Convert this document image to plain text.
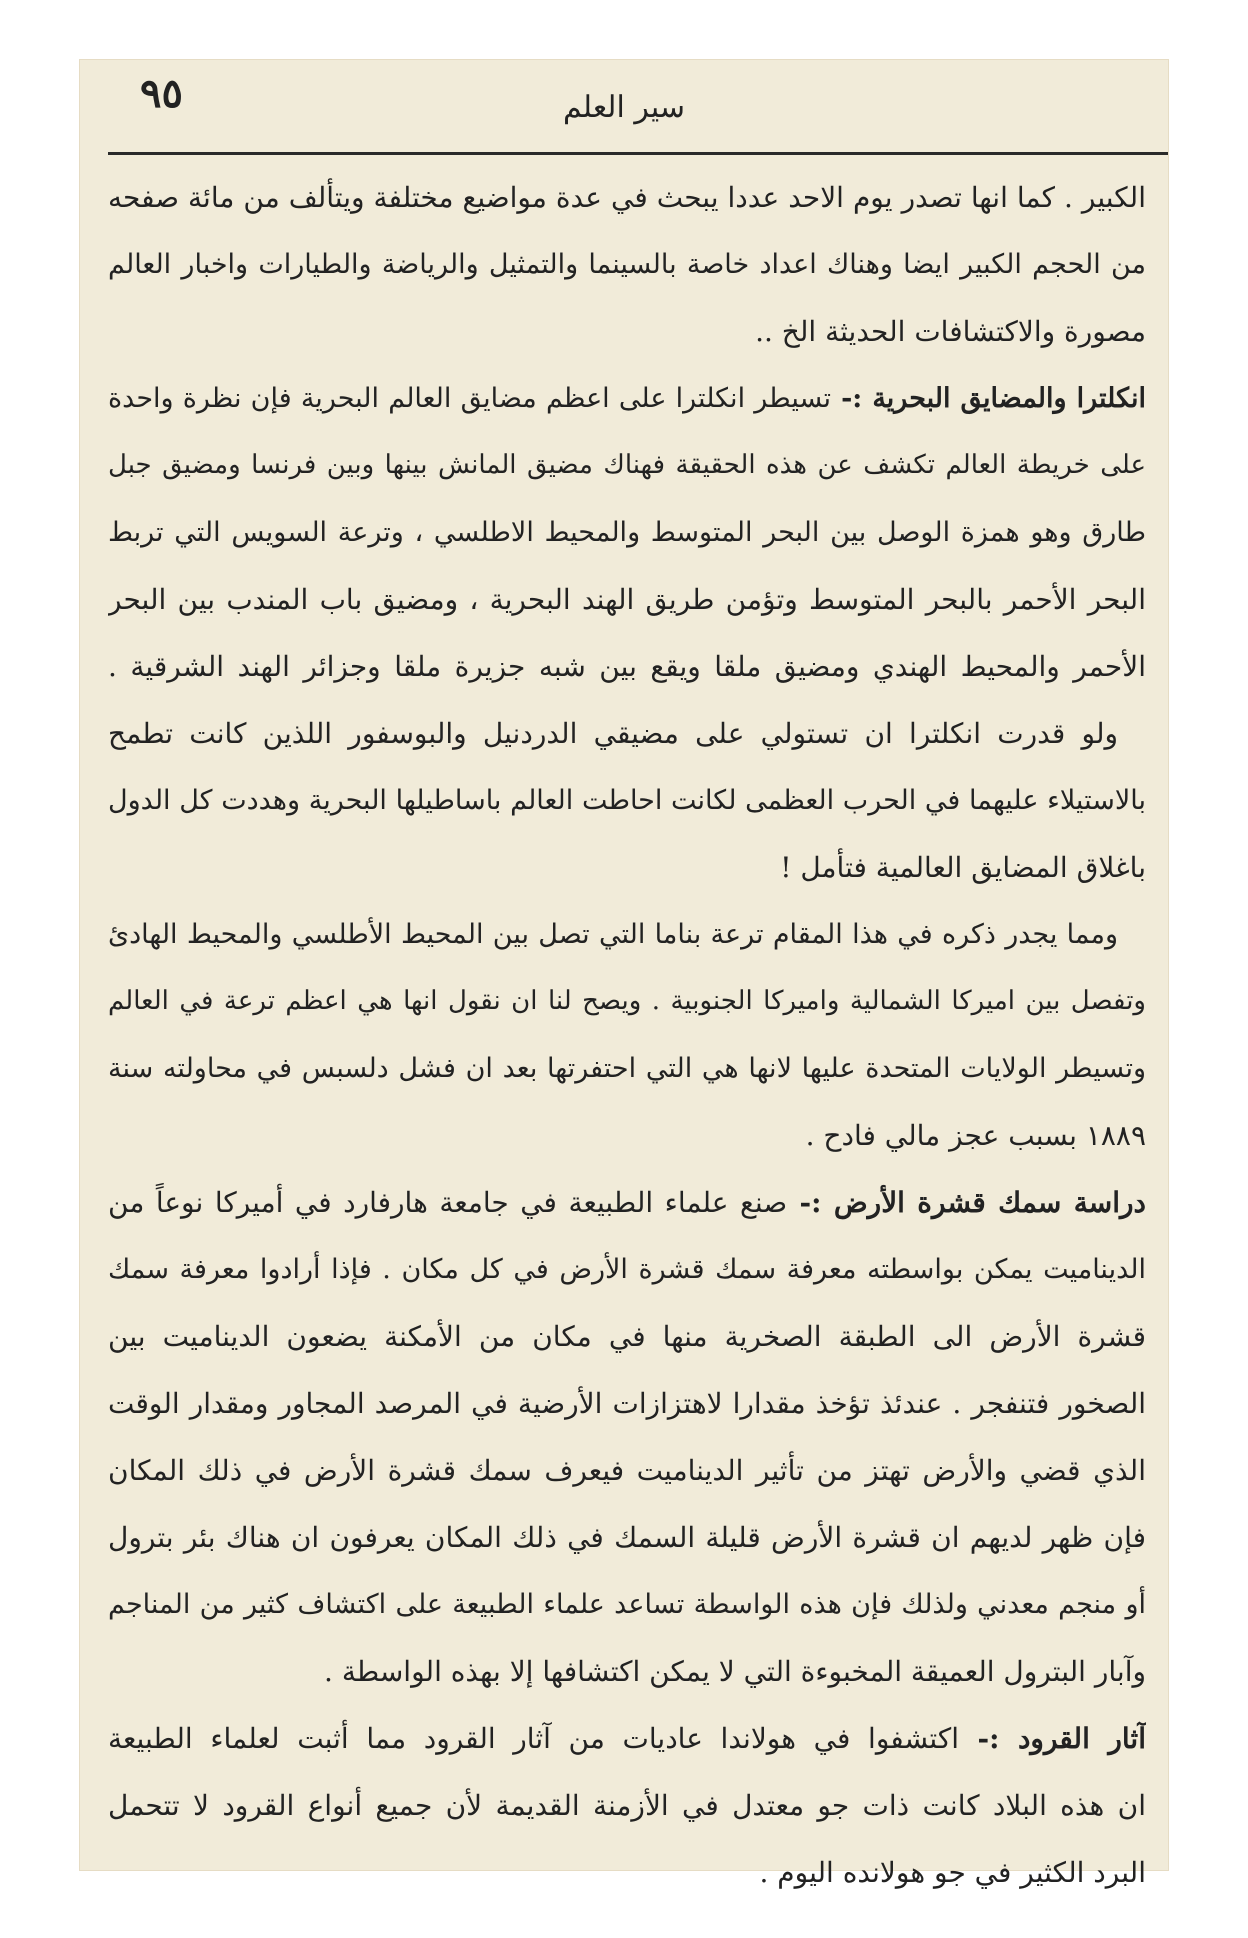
٩٥	سير العلم
الكبير . كما انها تصدر يوم الاحد عددا يبحث في عدة مواضيع مختلفة ويتألف من مائة صفحه
من الحجم الكبير ايضا وهناك اعداد خاصة بالسينما والتمثيل والرياضة والطيارات واخبار العالم
مصورة والاكتشافات الحديثة الخ ..
انكلترا والمضايق البحرية :- تسيطر انكلترا على اعظم مضايق العالم البحرية فإن نظرة واحدة
على خريطة العالم تكشف عن هذه الحقيقة فهناك مضيق المانش بينها وبين فرنسا ومضيق جبل
طارق وهو همزة الوصل بين البحر المتوسط والمحيط الاطلسي ، وترعة السويس التي تربط
البحر الأحمر بالبحر المتوسط وتؤمن طريق الهند البحرية ، ومضيق باب المندب بين البحر
الأحمر والمحيط الهندي ومضيق ملقا ويقع بين شبه جزيرة ملقا وجزائر الهند الشرقية .
ولو قدرت انكلترا ان تستولي على مضيقي الدردنيل والبوسفور اللذين كانت تطمح
بالاستيلاء عليهما في الحرب العظمى لكانت احاطت العالم باساطيلها البحرية وهددت كل الدول
باغلاق المضايق العالمية فتأمل !
ومما يجدر ذكره في هذا المقام ترعة بناما التي تصل بين المحيط الأطلسي والمحيط الهادئ
وتفصل بين اميركا الشمالية واميركا الجنوبية . ويصح لنا ان نقول انها هي اعظم ترعة في العالم
وتسيطر الولايات المتحدة عليها لانها هي التي احتفرتها بعد ان فشل دلسبس في محاولته سنة
١٨٨٩ بسبب عجز مالي فادح .
دراسة سمك قشرة الأرض :- صنع علماء الطبيعة في جامعة هارفارد في أميركا نوعاً من
الديناميت يمكن بواسطته معرفة سمك قشرة الأرض في كل مكان . فإذا أرادوا معرفة سمك
قشرة الأرض الى الطبقة الصخرية منها في مكان من الأمكنة يضعون الديناميت بين
الصخور فتنفجر . عندئذ تؤخذ مقدارا لاهتزازات الأرضية في المرصد المجاور ومقدار الوقت
الذي قضي والأرض تهتز من تأثير الديناميت فيعرف سمك قشرة الأرض في ذلك المكان
فإن ظهر لديهم ان قشرة الأرض قليلة السمك في ذلك المكان يعرفون ان هناك بئر بترول
أو منجم معدني ولذلك فإن هذه الواسطة تساعد علماء الطبيعة على اكتشاف كثير من المناجم
وآبار البترول العميقة المخبوءة التي لا يمكن اكتشافها إلا بهذه الواسطة .
آثار القرود :- اكتشفوا في هولاندا عاديات من آثار القرود مما أثبت لعلماء الطبيعة
ان هذه البلاد كانت ذات جو معتدل في الأزمنة القديمة لأن جميع أنواع القرود لا تتحمل
البرد الكثير في جو هولانده اليوم .
